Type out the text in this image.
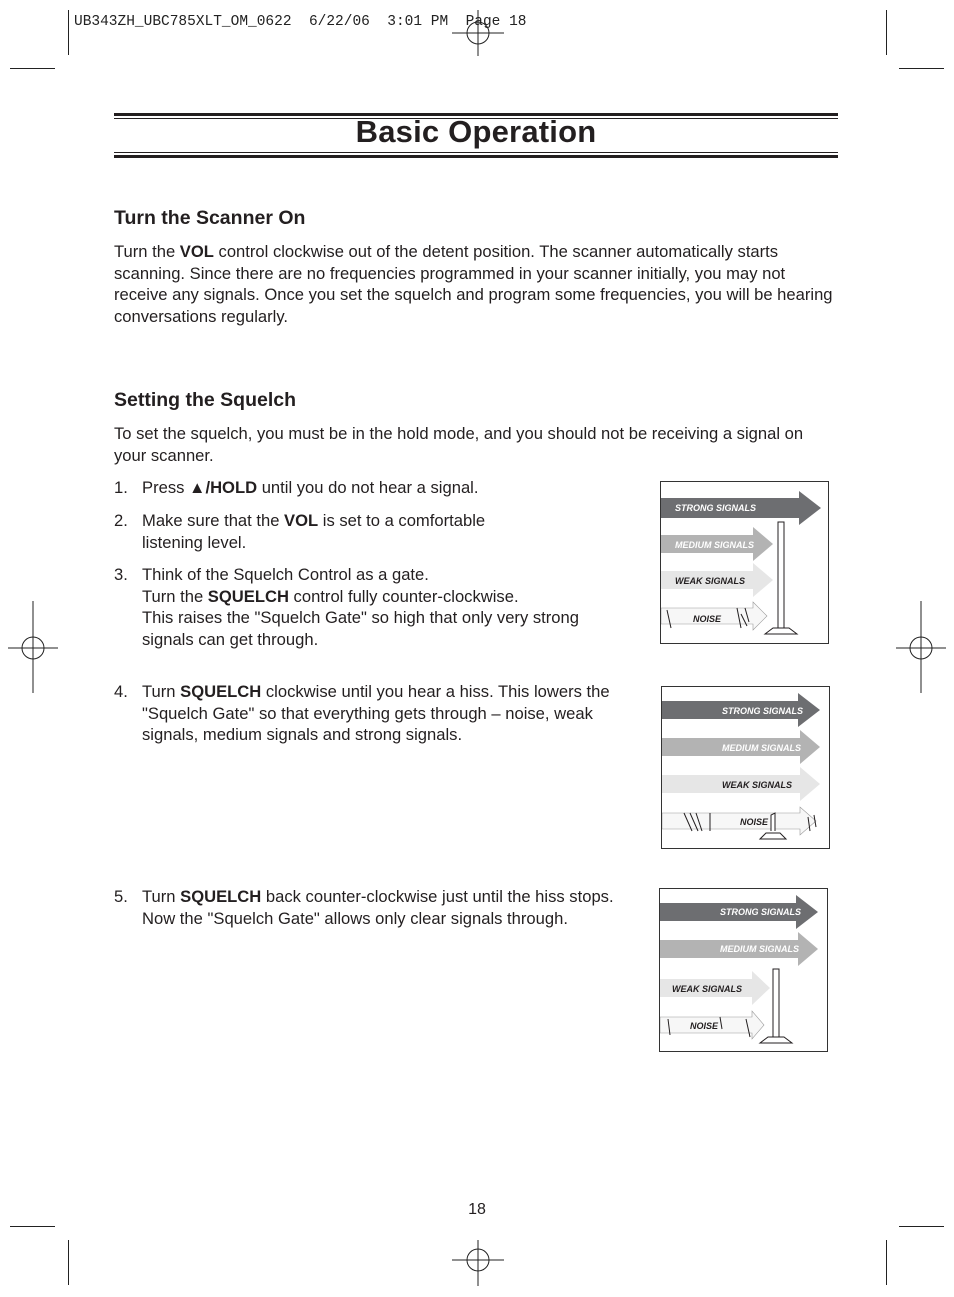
UB343ZH_UBC785XLT_OM_0622  6/22/06  3:01 PM  Page 18
Basic Operation
Turn the Scanner On
Turn the VOL control clockwise out of the detent position. The scanner automatically starts scanning. Since there are no frequencies programmed in your scanner initially, you may not receive any signals. Once you set the squelch and program some frequencies, you will be hearing conversations regularly.
Setting the Squelch
To set the squelch, you must be in the hold mode, and you should not be receiving a signal on your scanner.
1. Press ▲/HOLD until you do not hear a signal.
2. Make sure that the VOL is set to a comfortable
listening level.
3. Think of the Squelch Control as a gate.
Turn the SQUELCH control fully counter-clockwise.
This raises the "Squelch Gate" so high that only very strong
signals can get through.
4. Turn SQUELCH clockwise until you hear a hiss. This lowers the
"Squelch Gate" so that everything gets through – noise, weak
signals, medium signals and strong signals.
5. Turn SQUELCH back counter-clockwise just until the hiss stops.
Now the "Squelch Gate" allows only clear signals through.
STRONG SIGNALS
MEDIUM SIGNALS
WEAK SIGNALS
NOISE
STRONG SIGNALS
MEDIUM SIGNALS
WEAK SIGNALS
NOISE
STRONG SIGNALS
MEDIUM SIGNALS
WEAK SIGNALS
NOISE
18
